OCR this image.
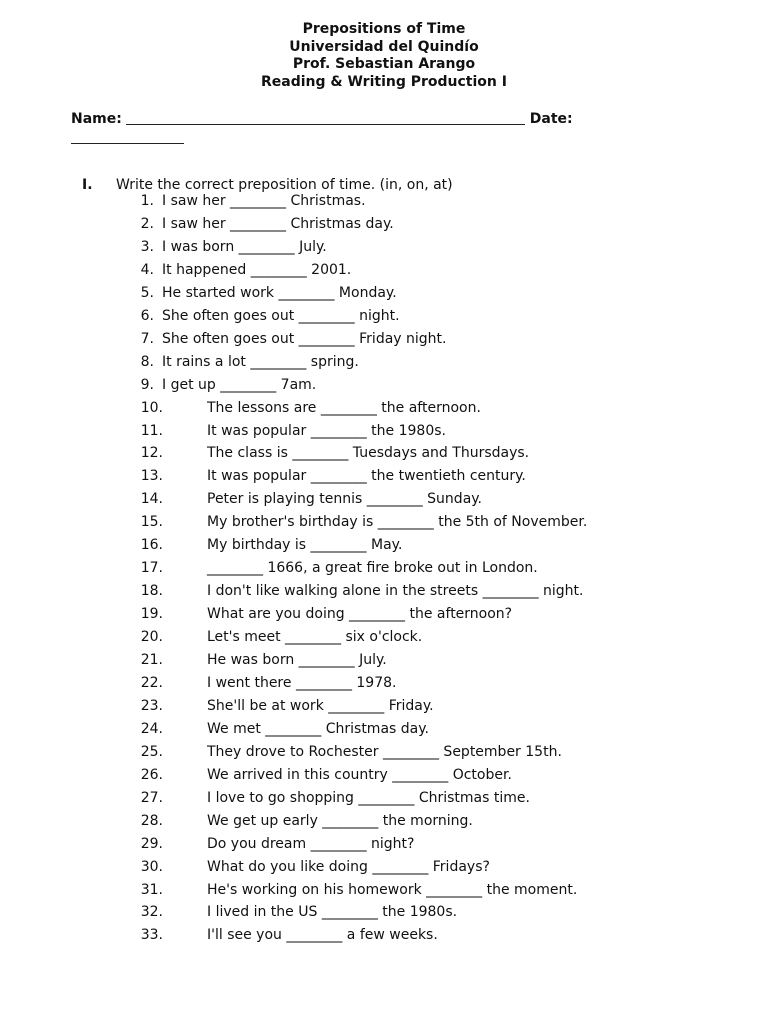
Prepositions of Time
Universidad del Quindío
Prof. Sebastian Arango
Reading & Writing Production I
Name:	Date:
I. Write the correct preposition of time. (in, on, at)
1. I saw her ________ Christmas.
2. I saw her ________ Christmas day.
3. I was born ________ July.
4. It happened ________ 2001.
5. He started work ________ Monday.
6. She often goes out ________ night.
7. She often goes out ________ Friday night.
8. It rains a lot ________ spring.
9. I get up ________ 7am.
10.	The lessons are ________ the afternoon.
11.	It was popular ________ the 1980s.
12.	The class is ________ Tuesdays and Thursdays.
13.	It was popular ________ the twentieth century.
14.	Peter is playing tennis ________ Sunday.
15.	My brother's birthday is ________ the 5th of November.
16.	My birthday is ________ May.
17.	________ 1666, a great fire broke out in London.
18.	I don't like walking alone in the streets ________ night.
19.	What are you doing ________ the afternoon?
20.	Let's meet ________ six o'clock.
21.	He was born ________ July.
22.	I went there ________ 1978.
23.	She'll be at work ________ Friday.
24.	We met ________ Christmas day.
25.	They drove to Rochester ________ September 15th.
26.	We arrived in this country ________ October.
27.	I love to go shopping ________ Christmas time.
28.	We get up early ________ the morning.
29.	Do you dream ________ night?
30.	What do you like doing ________ Fridays?
31.	He's working on his homework ________ the moment.
32.	I lived in the US ________ the 1980s.
33.	I'll see you ________ a few weeks.
